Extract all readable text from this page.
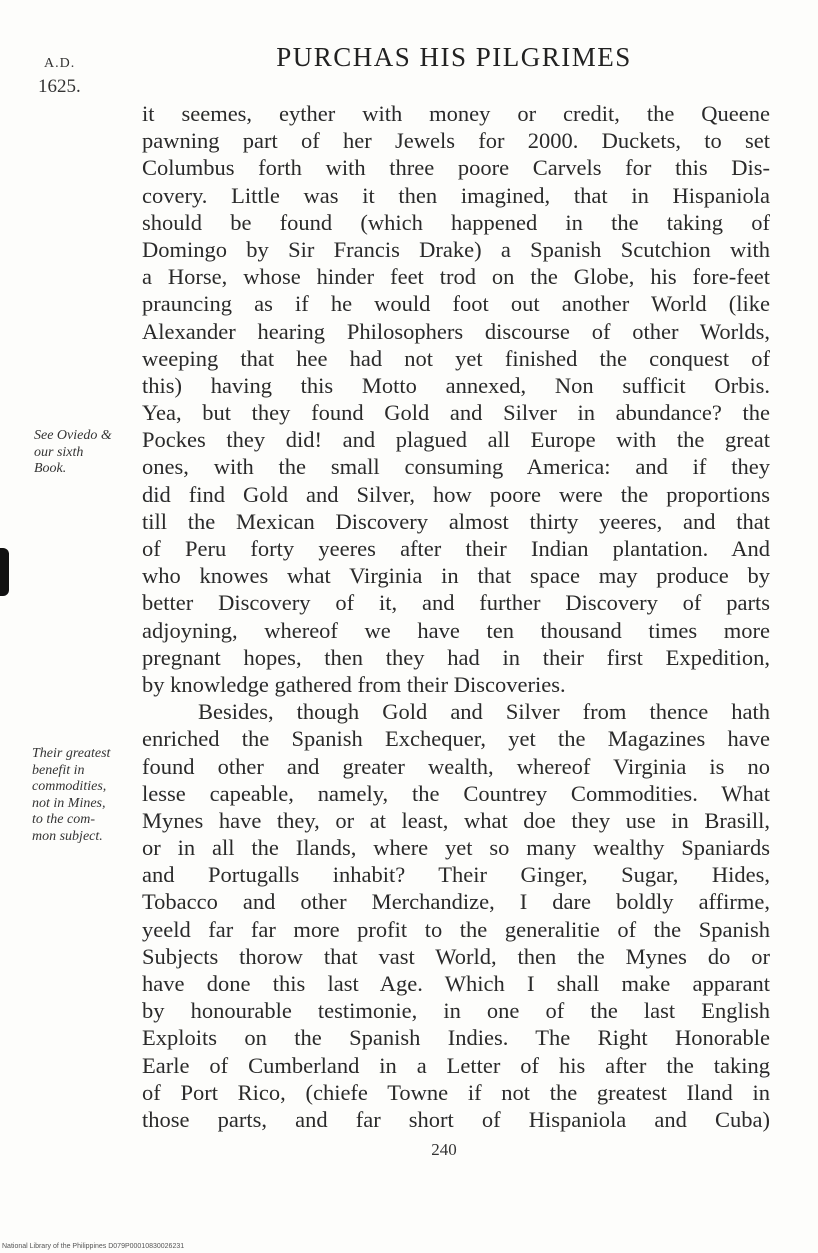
A.D.
1625.
PURCHAS HIS PILGRIMES
it seemes, eyther with money or credit, the Queene
pawning part of her Jewels for 2000. Duckets, to set
Columbus forth with three poore Carvels for this Dis-
covery. Little was it then imagined, that in Hispaniola
should be found (which happened in the taking of
Domingo by Sir Francis Drake) a Spanish Scutchion with
a Horse, whose hinder feet trod on the Globe, his fore-feet
prauncing as if he would foot out another World (like
Alexander hearing Philosophers discourse of other Worlds,
weeping that hee had not yet finished the conquest of
this) having this Motto annexed, Non sufficit Orbis.
Yea, but they found Gold and Silver in abundance? the
Pockes they did! and plagued all Europe with the great
ones, with the small consuming America: and if they
did find Gold and Silver, how poore were the proportions
till the Mexican Discovery almost thirty yeeres, and that
of Peru forty yeeres after their Indian plantation. And
who knowes what Virginia in that space may produce by
better Discovery of it, and further Discovery of parts
adjoyning, whereof we have ten thousand times more
pregnant hopes, then they had in their first Expedition,
by knowledge gathered from their Discoveries.
Besides, though Gold and Silver from thence hath
enriched the Spanish Exchequer, yet the Magazines have
found other and greater wealth, whereof Virginia is no
lesse capeable, namely, the Countrey Commodities. What
Mynes have they, or at least, what doe they use in Brasill,
or in all the Ilands, where yet so many wealthy Spaniards
and Portugalls inhabit? Their Ginger, Sugar, Hides,
Tobacco and other Merchandize, I dare boldly affirme,
yeeld far far more profit to the generalitie of the Spanish
Subjects thorow that vast World, then the Mynes do or
have done this last Age. Which I shall make apparant
by honourable testimonie, in one of the last English
Exploits on the Spanish Indies. The Right Honorable
Earle of Cumberland in a Letter of his after the taking
of Port Rico, (chiefe Towne if not the greatest Iland in
those parts, and far short of Hispaniola and Cuba)
See Oviedo &
our sixth
Book.
Their greatest
benefit in
commodities,
not in Mines,
to the com-
mon subject.
240
National Library of the Philippines D079P00010830026231
